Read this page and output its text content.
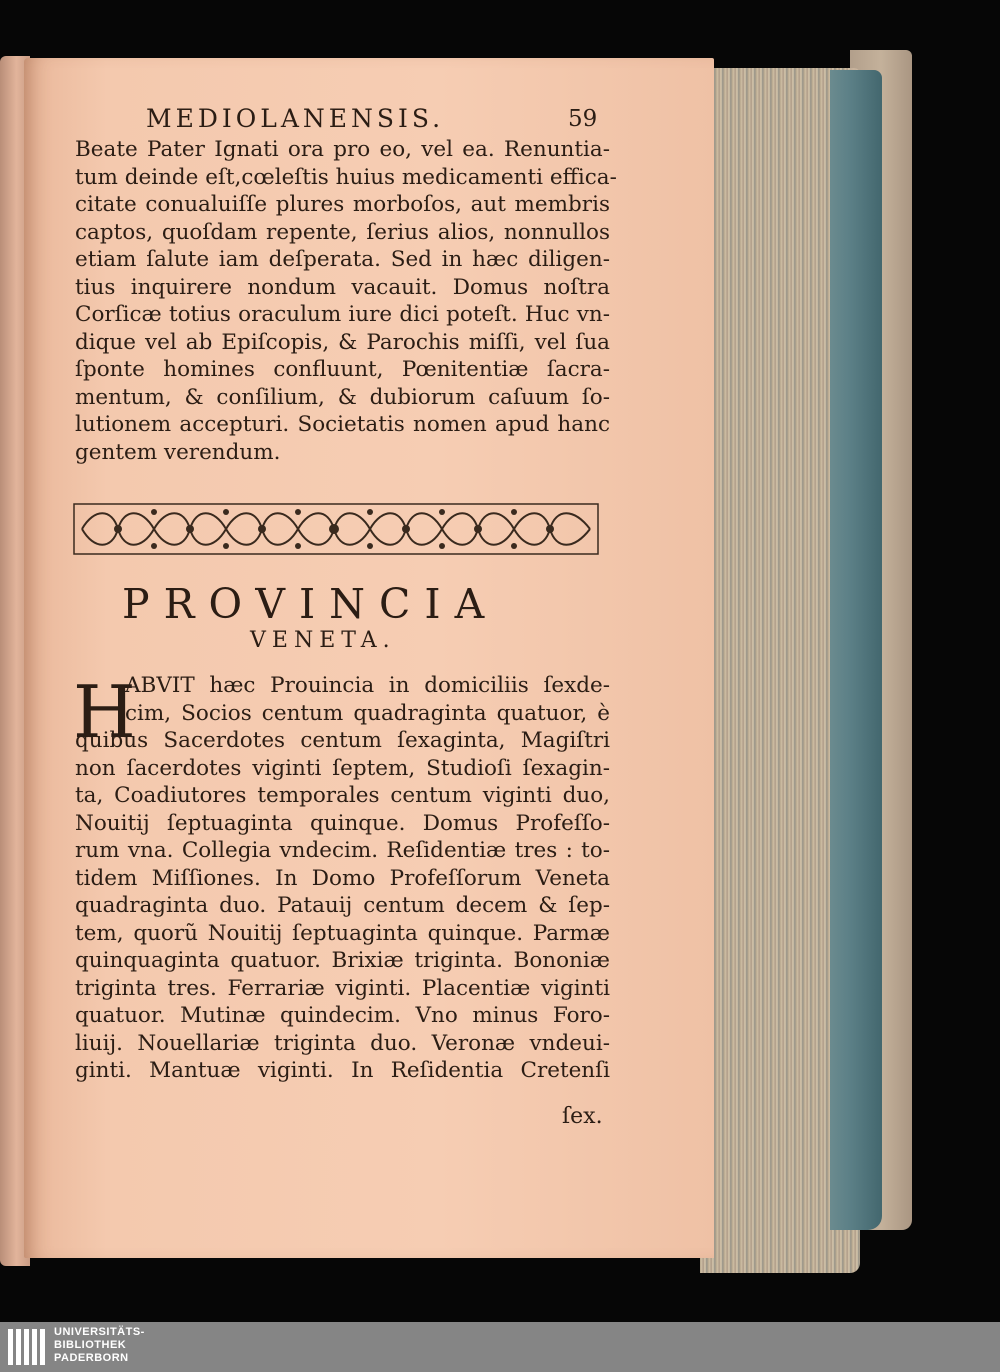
MEDIOLANENSIS.	59
Beate Pater Ignati ora pro eo, vel ea. Renuntia-
tum deinde eſt,cœleſtis huius medicamenti effica-
citate conualuiſſe plures morboſos, aut membris
captos, quoſdam repente, ſerius alios, nonnullos
etiam ſalute iam deſperata. Sed in hæc diligen-
tius inquirere nondum vacauit. Domus noſtra
Corſicæ totius oraculum iure dici poteſt. Huc vn-
dique vel ab Epiſcopis, & Parochis miſſi, vel ſua
ſponte homines confluunt, Pœnitentiæ ſacra-
mentum, & conſilium, & dubiorum caſuum ſo-
lutionem accepturi. Societatis nomen apud hanc
gentem verendum.
PROVINCIA
VENETA.
H
ABVIT hæc Prouincia in domiciliis ſexde-
cim, Socios centum quadraginta quatuor, è
quibus Sacerdotes centum ſexaginta, Magiſtri
non ſacerdotes viginti ſeptem, Studioſi ſexagin-
ta, Coadiutores temporales centum viginti duo,
Nouitij ſeptuaginta quinque. Domus Profeſſo-
rum vna. Collegia vndecim. Reſidentiæ tres : to-
tidem Miſſiones. In Domo Profeſſorum Veneta
quadraginta duo. Patauij centum decem & ſep-
tem, quorũ Nouitij ſeptuaginta quinque. Parmæ
quinquaginta quatuor. Brixiæ triginta. Bononiæ
triginta tres. Ferrariæ viginti. Placentiæ viginti
quatuor. Mutinæ quindecim. Vno minus Foro-
liuij. Nouellariæ triginta duo. Veronæ vndeui-
ginti. Mantuæ viginti. In Reſidentia Cretenſi
ſex.
UNIVERSITÄTS-
BIBLIOTHEK
PADERBORN
